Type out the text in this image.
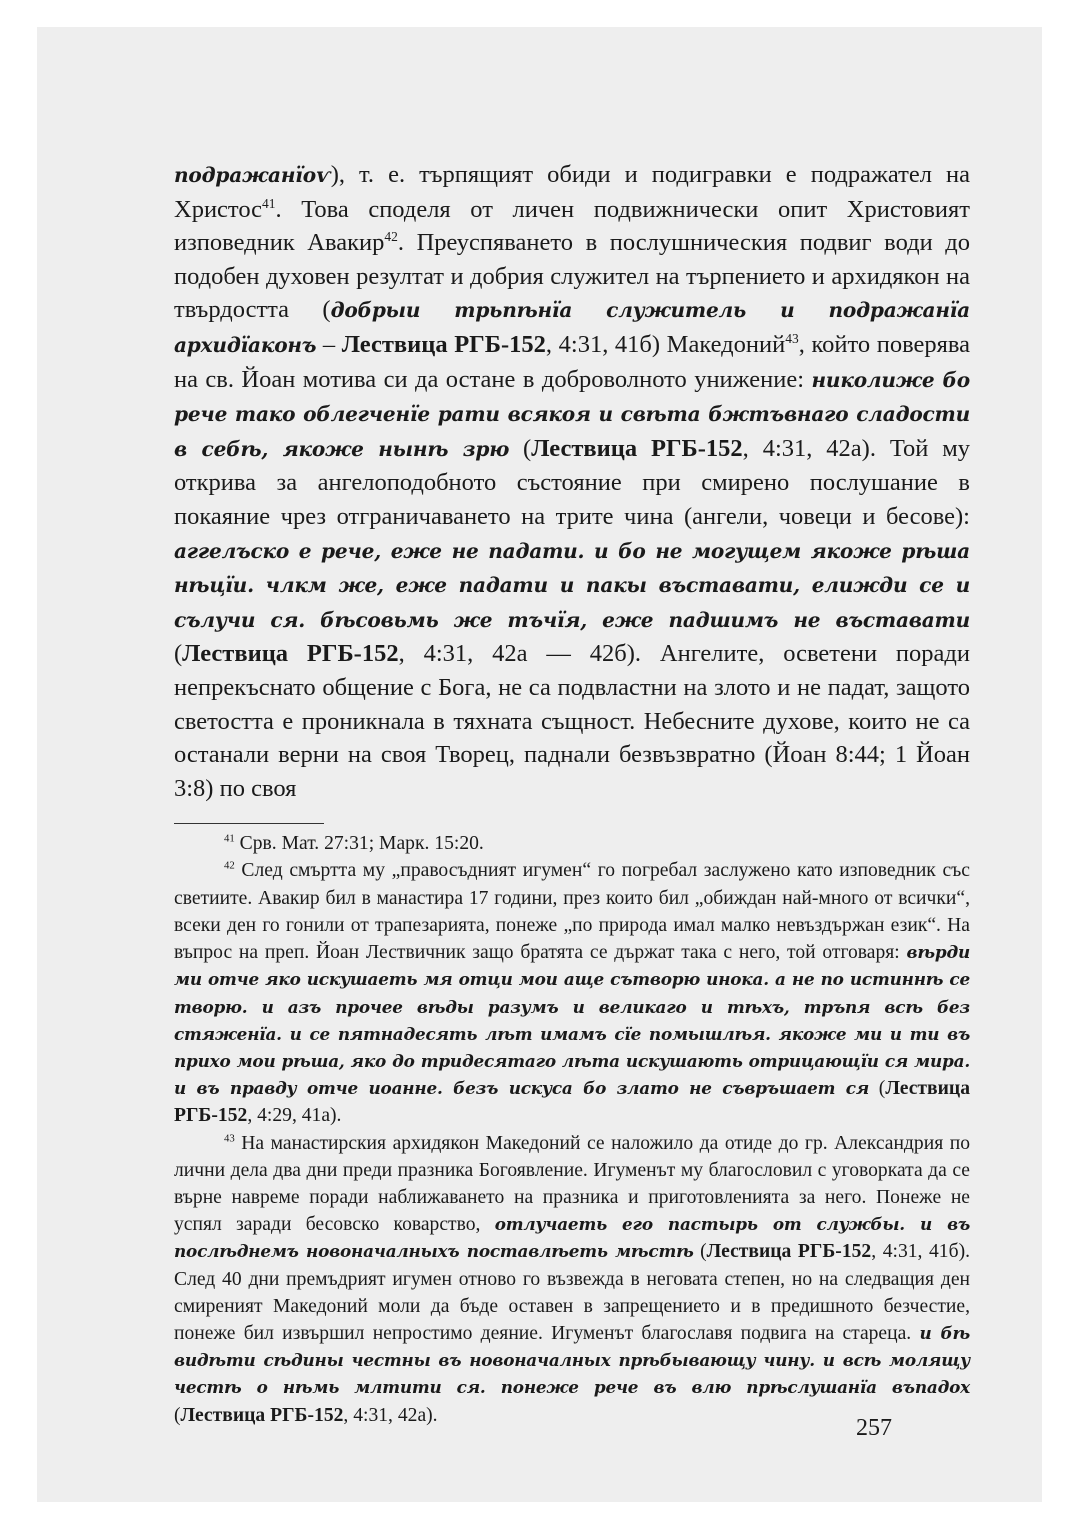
подражанїоѵ), т. е. търпящият обиди и подигравки е подражател на Христос$^{41}$. Това споделя от личен подвижнически опит Христовият изповедник Авакир$^{42}$. Преуспяването в послушническия подвиг води до подобен духовен резултат и добрия служител на търпението и архидякон на твърдостта (добрыи трьпѣнїа служитель и подражанїа архидїаконъ – Лествица РГБ-152, 4:31, 41б) Македоний$^{43}$, който поверява на св. Йоан мотива си да остане в доброволното унижение: николиже бо рече тако облегченїе рати всякоя и свѣта бжтъвнаго сладости в себѣ, якоже нынѣ зрю (Лествица РГБ-152, 4:31, 42а). Той му открива за ангелоподобното състояние при смирено послушание в покаяние чрез отграничаването на трите чина (ангели, човеци и бесове): аггелъско е рече, еже не падати. и бо не могущем якоже рѣша нѣцїи. члкм же, еже падати и пакы въставати, елижди се и сълучи ся. бѣсовьмь же тъчїя, еже падшимъ не въставати (Лествица РГБ-152, 4:31, 42а — 42б). Ангелите, осветени поради непрекъснато общение с Бога, не са подвластни на злото и не падат, защото светостта е проникнала в тяхната същност. Небесните духове, които не са останали верни на своя Творец, паднали безвъзвратно (Йоан 8:44; 1 Йоан 3:8) по своя

$^{41}$ Срв. Мат. 27:31; Марк. 15:20.

$^{42}$ След смъртта му „правосъдният игумен“ го погребал заслужено като изповедник със светиите. Авакир бил в манастира 17 години, през които бил „обиждан най-много от всички“, всеки ден го гонили от трапезарията, понеже „по природа имал малко невъздържан език“. На въпрос на преп. Йоан Лествичник защо братята се държат така с него, той отговаря: вѣрди ми отче яко искушаеть мя отци мои аще сътворю инока. а не по истиннѣ се творю. и азъ прочее вѣды разумъ и великаго и тѣхъ, тръпя всѣ без стяженїа. и се пятнадесять лѣт имамъ сїе помышлѣя. якоже ми и ти въ прихо мои рѣша, яко до тридесятаго лѣта искушають отрицающїи ся мира. и въ правду отче иоанне. безъ искуса бо злато не съвръшает ся (Лествица РГБ-152, 4:29, 41а).

$^{43}$ На манастирския архидякон Македоний се наложило да отиде до гр. Александрия по лични дела два дни преди празника Богоявление. Игуменът му благословил с уговорката да се върне навреме поради наближаването на празника и приготовленията за него. Понеже не успял заради бесовско коварство, отлучаеть его пастырь от службы. и въ послѣднемъ новоначалныхъ поставлѣеть мѣстѣ (Лествица РГБ-152, 4:31, 41б). След 40 дни премъдрият игумен отново го възвежда в неговата степен, но на следващия ден смиреният Македоний моли да бъде оставен в запрещението и в предишното безчестие, понеже бил извършил непростимо деяние. Игуменът благославя подвига на стареца. и бѣ видѣти сѣдины честны въ новоначалных прѣбывающу чину. и всѣ молящу честѣ о нѣмь млтити ся. понеже рече въ влю прѣслушанїа въпадох (Лествица РГБ-152, 4:31, 42а).	257
